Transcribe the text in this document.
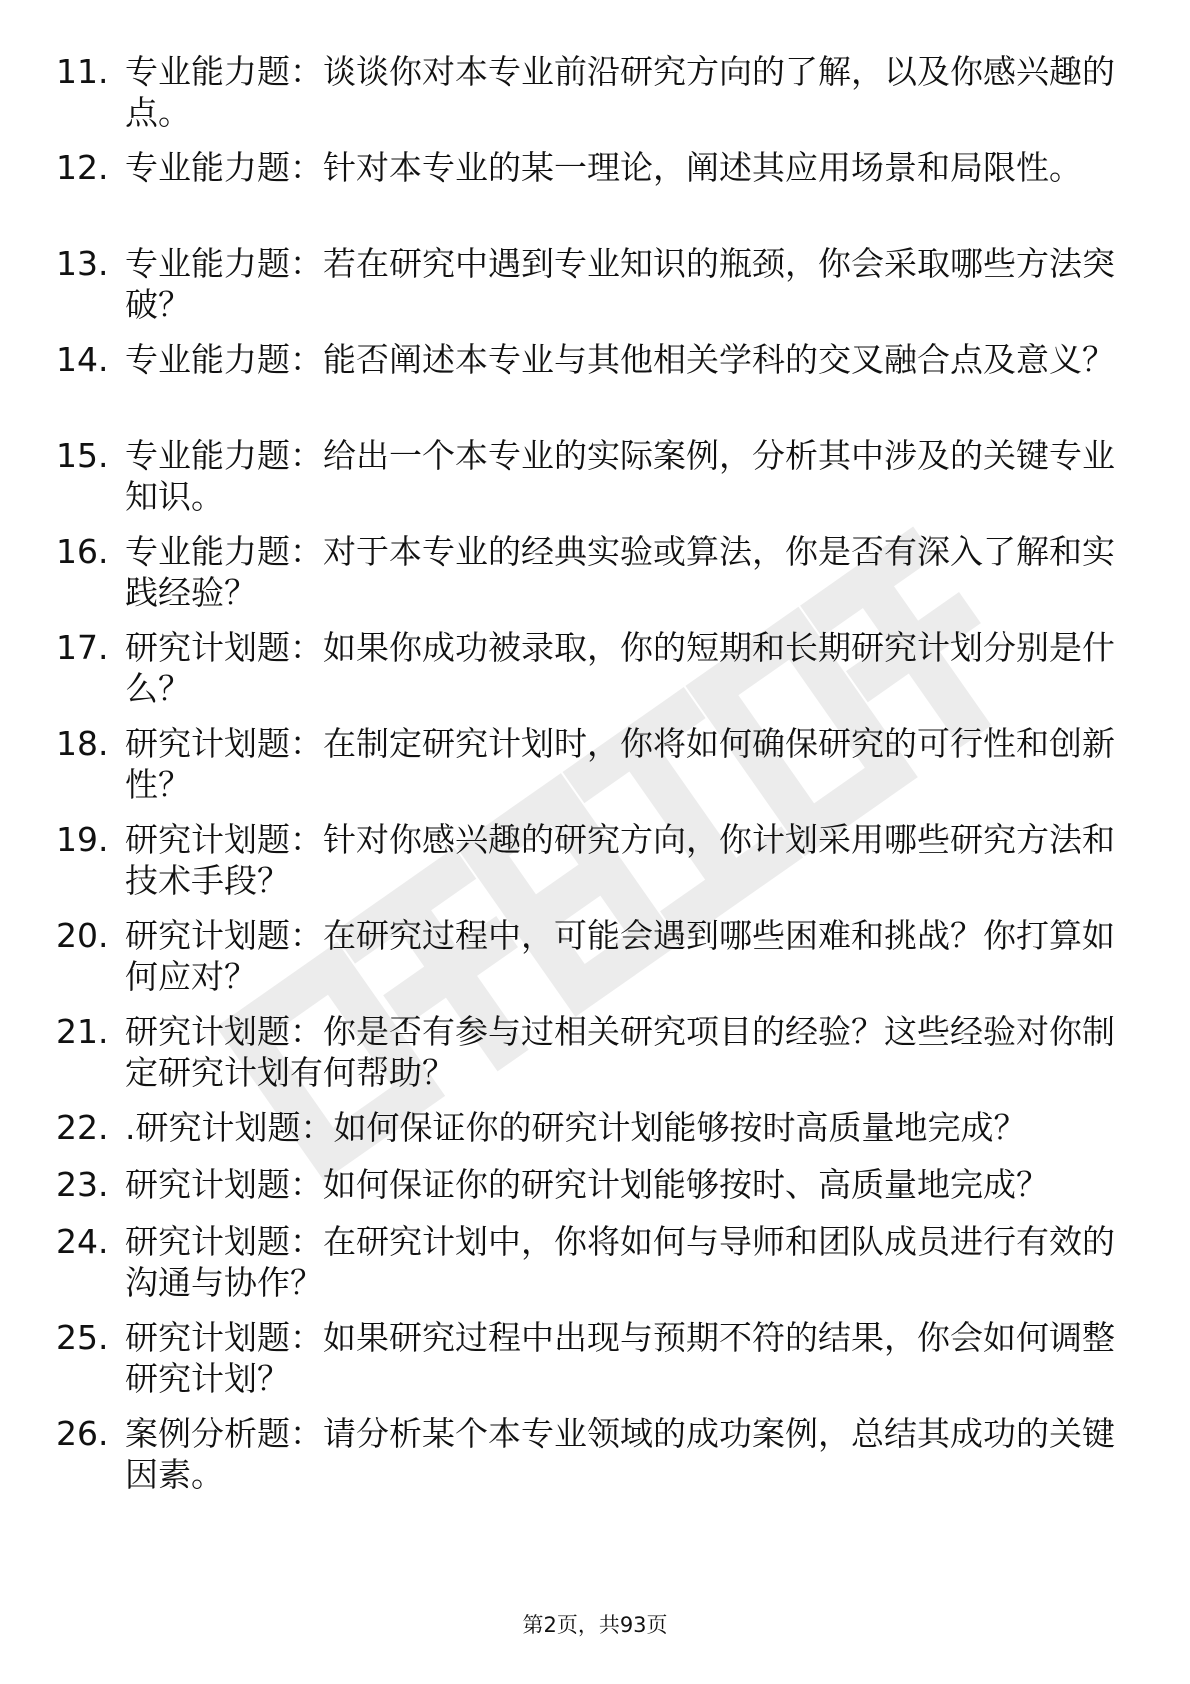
11. 专业能力题：谈谈你对本专业前沿研究方向的了解，以及你感兴趣的点。
12. 专业能力题：针对本专业的某一理论，阐述其应用场景和局限性。
13. 专业能力题：若在研究中遇到专业知识的瓶颈，你会采取哪些方法突破？
14. 专业能力题：能否阐述本专业与其他相关学科的交叉融合点及意义？
15. 专业能力题：给出一个本专业的实际案例，分析其中涉及的关键专业知识。
16. 专业能力题：对于本专业的经典实验或算法，你是否有深入了解和实践经验？
17. 研究计划题：如果你成功被录取，你的短期和长期研究计划分别是什么？
18. 研究计划题：在制定研究计划时，你将如何确保研究的可行性和创新性？
19. 研究计划题：针对你感兴趣的研究方向，你计划采用哪些研究方法和技术手段？
20. 研究计划题：在研究过程中，可能会遇到哪些困难和挑战？你打算如何应对？
21. 研究计划题：你是否有参与过相关研究项目的经验？这些经验对你制定研究计划有何帮助？
22. .研究计划题：如何保证你的研究计划能够按时高质量地完成？
23. 研究计划题：如何保证你的研究计划能够按时、高质量地完成？
24. 研究计划题：在研究计划中，你将如何与导师和团队成员进行有效的沟通与协作？
25. 研究计划题：如果研究过程中出现与预期不符的结果，你会如何调整研究计划？
26. 案例分析题：请分析某个本专业领域的成功案例，总结其成功的关键因素。
第2页，共93页
